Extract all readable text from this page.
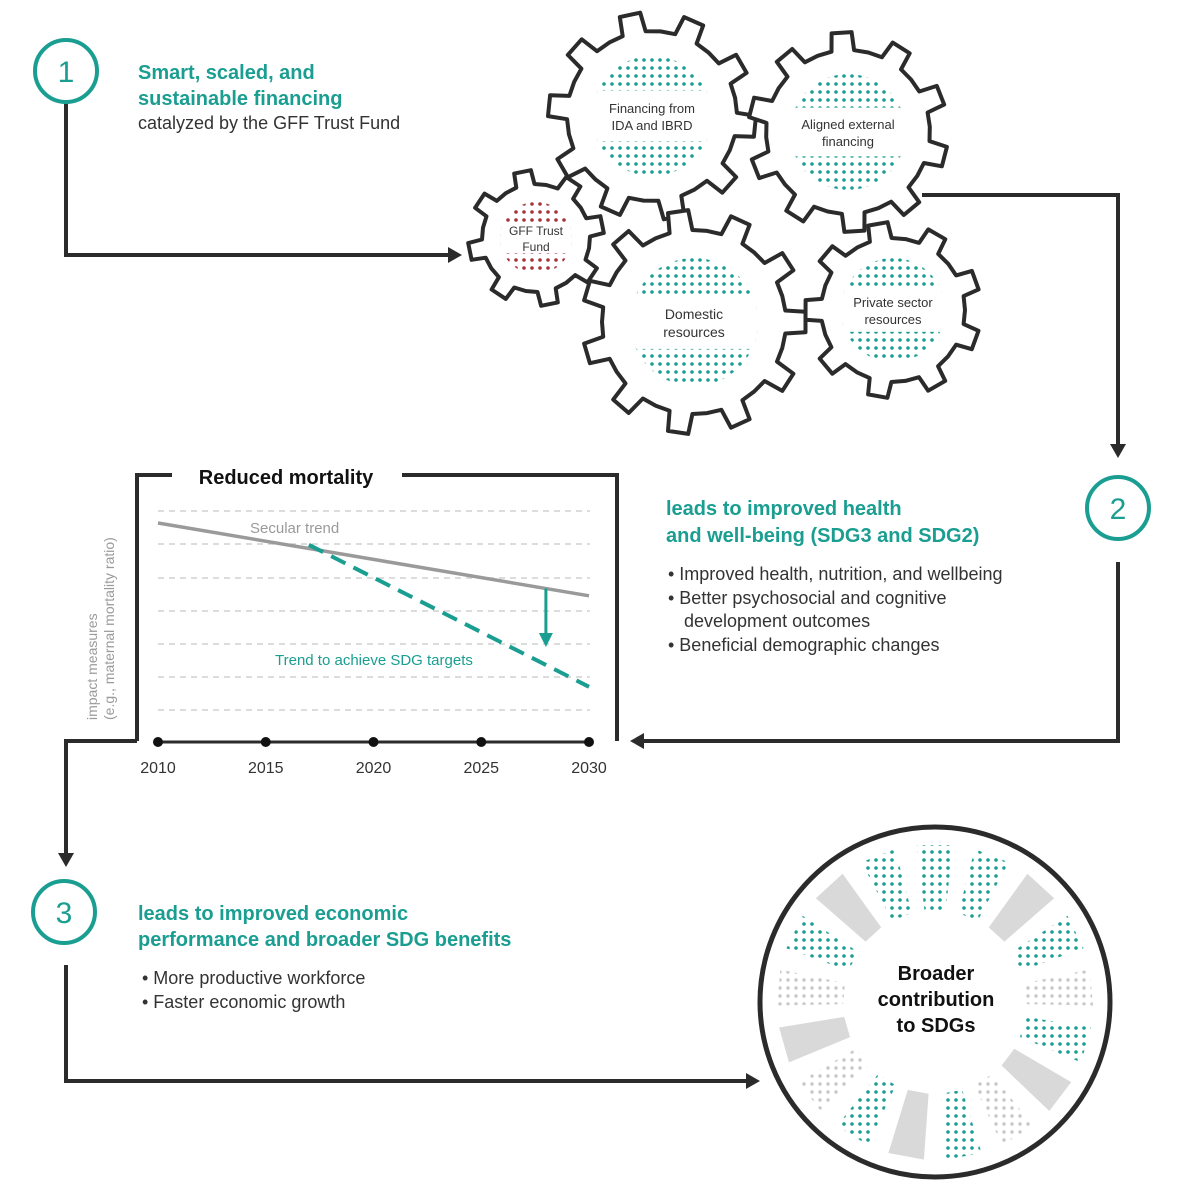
1
2
3
Smart, scaled, and
sustainable financing
catalyzed by the GFF Trust Fund
GFF Trust
Fund
Financing from
IDA and IBRD	Aligned external
financing
Domestic
resources
Private sector
resources
leads to improved health
and well-being (SDG3 and SDG2)
• Improved health, nutrition, and wellbeing
• Better psychosocial and cognitive
development outcomes
• Beneficial demographic changes
Reduced mortality
2010	2015	2020	2025	2030
Secular trend
Trend to achieve SDG targets
impact measures (e.g., maternal mortality ratio)
leads to improved economic
performance and broader SDG benefits
• More productive workforce
• Faster economic growth
Broader
contribution
to SDGs
